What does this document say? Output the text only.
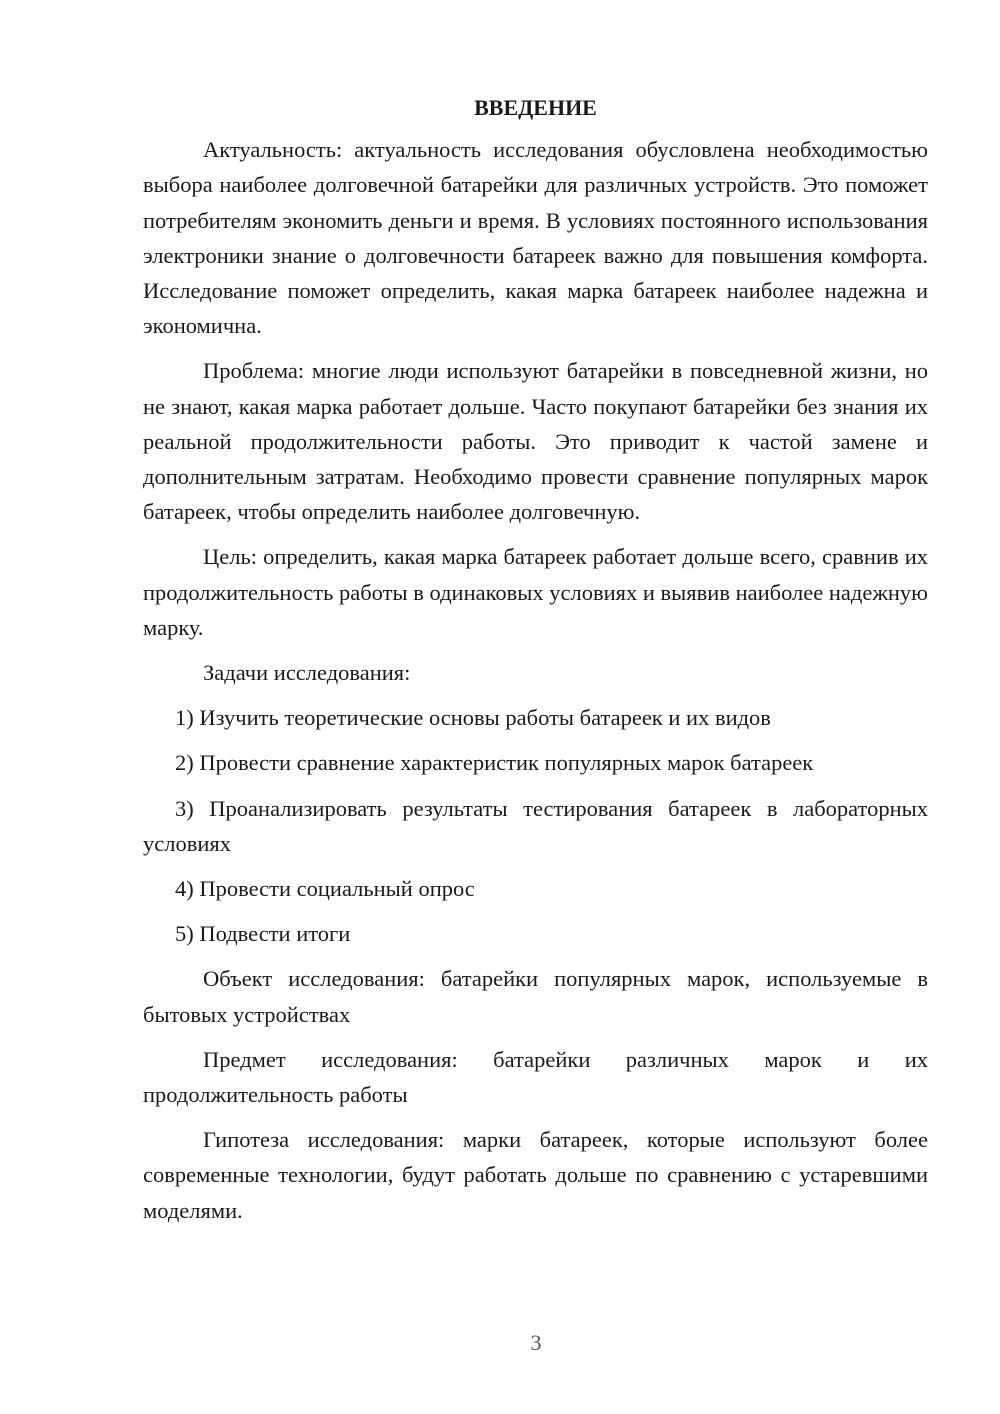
ВВЕДЕНИЕ

Актуальность: актуальность исследования обусловлена необходимостью выбора наиболее долговечной батарейки для различных устройств. Это поможет потребителям экономить деньги и время. В условиях постоянного использования электроники знание о долговечности батареек важно для повышения комфорта. Исследование поможет определить, какая марка батареек наиболее надежна и экономична.

Проблема: многие люди используют батарейки в повседневной жизни, но не знают, какая марка работает дольше. Часто покупают батарейки без знания их реальной продолжительности работы. Это приводит к частой замене и дополнительным затратам. Необходимо провести сравнение популярных марок батареек, чтобы определить наиболее долговечную.

Цель: определить, какая марка батареек работает дольше всего, сравнив их продолжительность работы в одинаковых условиях и выявив наиболее надежную марку.

Задачи исследования:

1) Изучить теоретические основы работы батареек и их видов

2) Провести сравнение характеристик популярных марок батареек

3) Проанализировать результаты тестирования батареек в лабораторных условиях

4) Провести социальный опрос

5) Подвести итоги

Объект исследования: батарейки популярных марок, используемые в бытовых устройствах

Предмет исследования: батарейки различных марок и их продолжительность работы

Гипотеза исследования: марки батареек, которые используют более современные технологии, будут работать дольше по сравнению с устаревшими моделями.

3
